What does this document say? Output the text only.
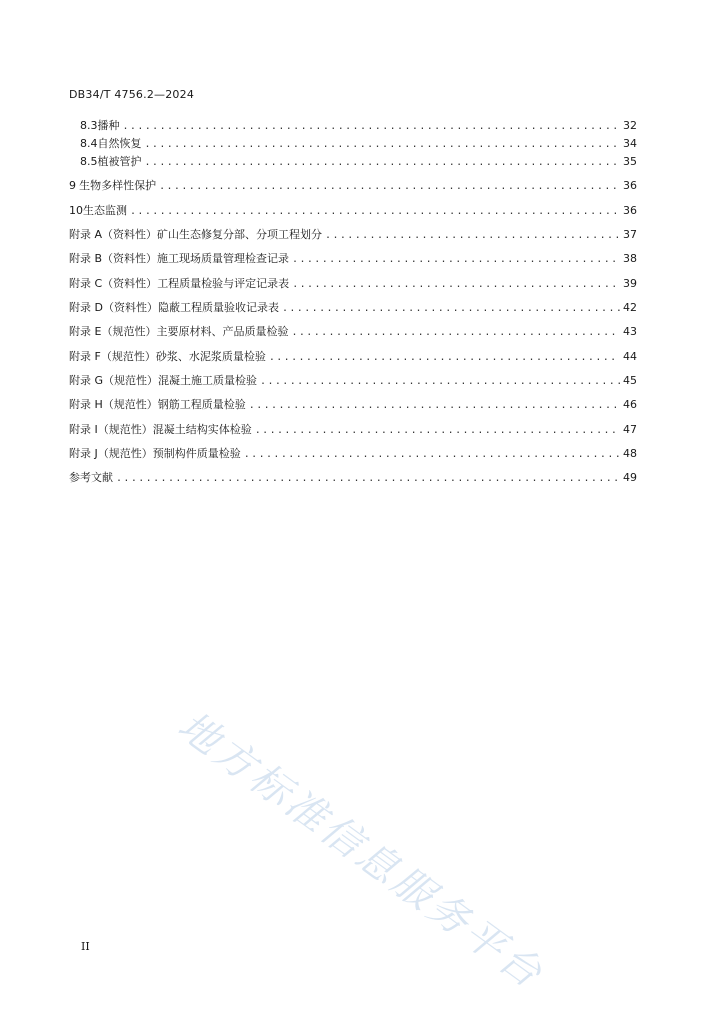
DB34/T 4756.2—2024
8.3 播种 .....	32
8.4 自然恢复 .....	34
8.5 植被管护 .....	35
9 生物多样性保护 .....	36
10 生态监测 .....	36
附录 A（资料性） 矿山生态修复分部、分项工程划分 .....	37
附录 B（资料性） 施工现场质量管理检查记录 .....	38
附录 C（资料性） 工程质量检验与评定记录表 .....	39
附录 D（资料性） 隐蔽工程质量验收记录表 .....	42
附录 E（规范性） 主要原材料、产品质量检验 .....	43
附录 F（规范性） 砂浆、水泥浆质量检验 .....	44
附录 G（规范性） 混凝土施工质量检验 .....	45
附录 H（规范性） 钢筋工程质量检验 .....	46
附录 I（规范性） 混凝土结构实体检验 .....	47
附录 J（规范性） 预制构件质量检验 .....	48
参考文献 .....	49
地方标准信息服务平台
II
